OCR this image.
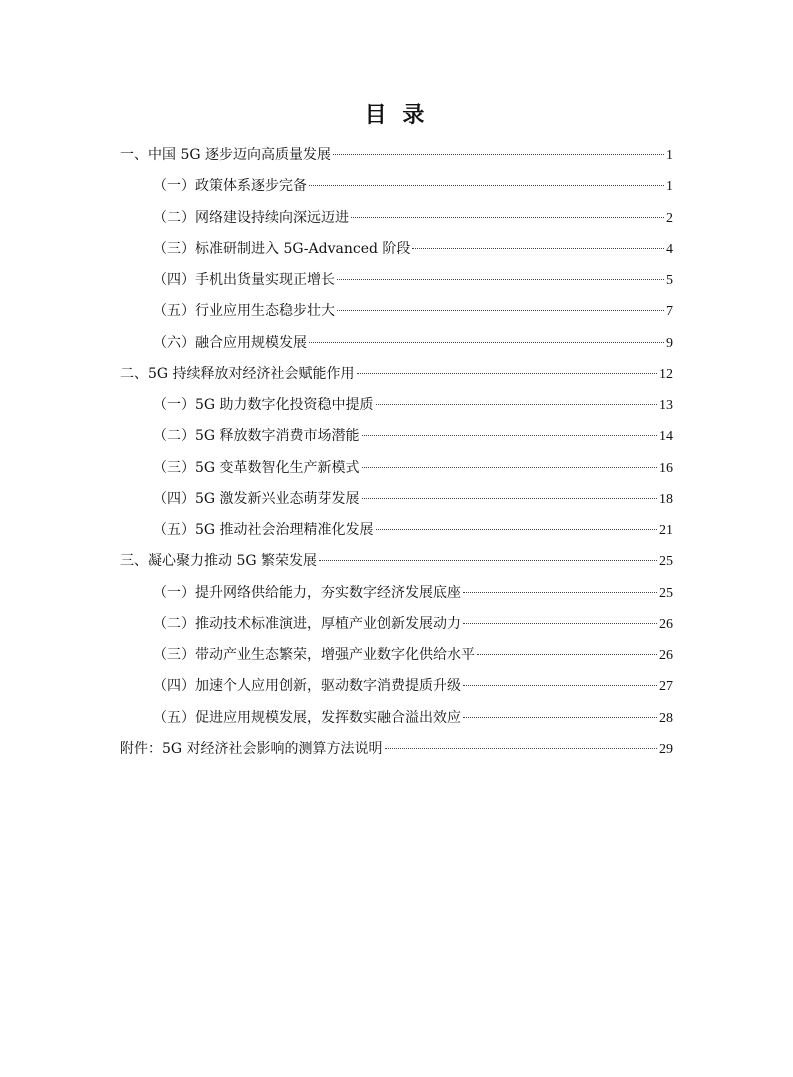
目 录
一、中国 5G 逐步迈向高质量发展	1
（一）政策体系逐步完备	1
（二）网络建设持续向深远迈进	2
（三）标准研制进入 5G-Advanced 阶段	4
（四）手机出货量实现正增长	5
（五）行业应用生态稳步壮大	7
（六）融合应用规模发展	9
二、5G 持续释放对经济社会赋能作用	12
（一）5G 助力数字化投资稳中提质	13
（二）5G 释放数字消费市场潜能	14
（三）5G 变革数智化生产新模式	16
（四）5G 激发新兴业态萌芽发展	18
（五）5G 推动社会治理精准化发展	21
三、凝心聚力推动 5G 繁荣发展	25
（一）提升网络供给能力，夯实数字经济发展底座	25
（二）推动技术标准演进，厚植产业创新发展动力	26
（三）带动产业生态繁荣，增强产业数字化供给水平	26
（四）加速个人应用创新，驱动数字消费提质升级	27
（五）促进应用规模发展，发挥数实融合溢出效应	28
附件：5G 对经济社会影响的测算方法说明	29
